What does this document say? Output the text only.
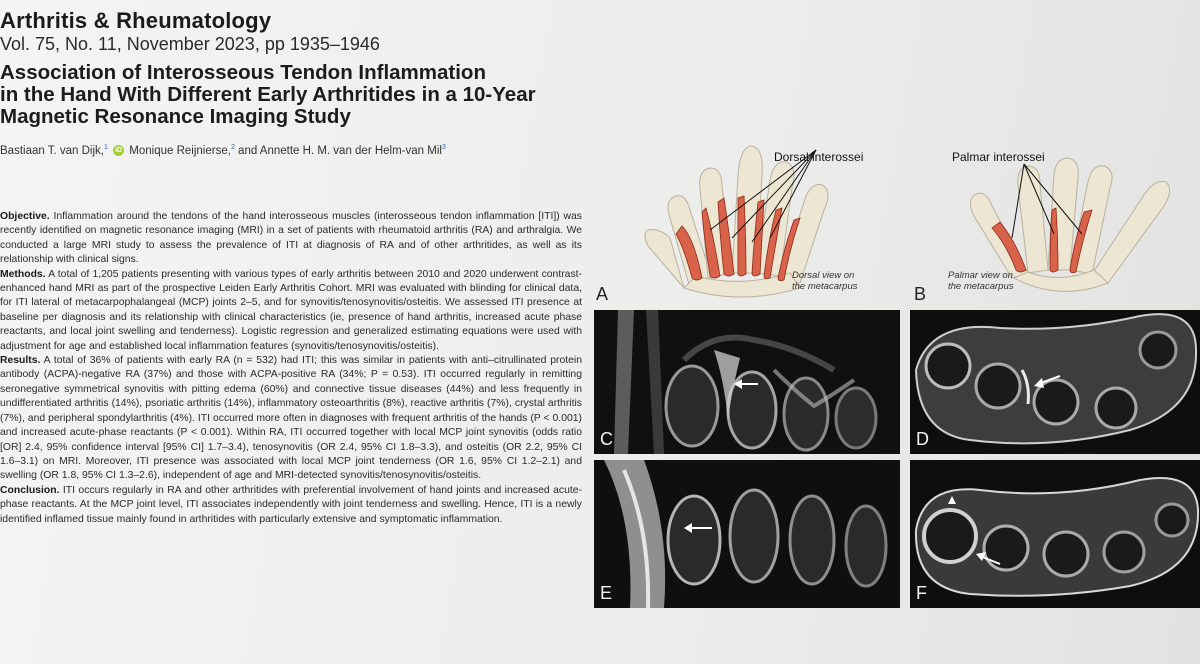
Arthritis & Rheumatology
Vol. 75, No. 11, November 2023, pp 1935–1946
Association of Interosseous Tendon Inflammation
in the Hand With Different Early Arthritides in a 10-Year
Magnetic Resonance Imaging Study
Bastiaan T. van Dijk,$^1$ iD Monique Reijnierse,$^2$ and Annette H. M. van der Helm-van Mil$^3$

Objective. Inflammation around the tendons of the hand interosseous muscles (interosseous tendon inflammation [ITI]) was recently identified on magnetic resonance imaging (MRI) in a set of patients with rheumatoid arthritis (RA) and arthralgia. We conducted a large MRI study to assess the prevalence of ITI at diagnosis of RA and of other arthritides, as well as its relationship with clinical signs.

Methods. A total of 1,205 patients presenting with various types of early arthritis between 2010 and 2020 underwent contrast-enhanced hand MRI as part of the prospective Leiden Early Arthritis Cohort. MRI was evaluated with blinding for clinical data, for ITI lateral of metacarpophalangeal (MCP) joints 2–5, and for synovitis/tenosynovitis/osteitis. We assessed ITI presence at baseline per diagnosis and its relationship with clinical characteristics (ie, presence of hand arthritis, increased acute phase reactants, and local joint swelling and tenderness). Logistic regression and generalized estimating equations were used with adjustment for age and established local inflammation features (synovitis/tenosynovitis/osteitis).

Results. A total of 36% of patients with early RA (n = 532) had ITI; this was similar in patients with anti–citrullinated protein antibody (ACPA)-negative RA (37%) and those with ACPA-positive RA (34%; P = 0.53). ITI occurred regularly in remitting seronegative symmetrical synovitis with pitting edema (60%) and connective tissue diseases (44%) and less frequently in undifferentiated arthritis (14%), psoriatic arthritis (14%), inflammatory osteoarthritis (8%), reactive arthritis (7%), crystal arthritis (7%), and peripheral spondylarthritis (4%). ITI occurred more often in diagnoses with frequent arthritis of the hands (P < 0.001) and increased acute-phase reactants (P < 0.001). Within RA, ITI occurred together with local MCP joint synovitis (odds ratio [OR] 2.4, 95% confidence interval [95% CI] 1.7–3.4), tenosynovitis (OR 2.4, 95% CI 1.8–3.3), and osteitis (OR 2.2, 95% CI 1.6–3.1) on MRI. Moreover, ITI presence was associated with local MCP joint tenderness (OR 1.6, 95% CI 1.2–2.1) and swelling (OR 1.8, 95% CI 1.3–2.6), independent of age and MRI-detected synovitis/tenosynovitis/osteitis.

Conclusion. ITI occurs regularly in RA and other arthritides with preferential involvement of hand joints and increased acute-phase reactants. At the MCP joint level, ITI associates independently with joint tenderness and swelling. Hence, ITI is a newly identified inflamed tissue mainly found in arthritides with particularly extensive and symptomatic inflammation.

Dorsal interossei
Dorsal view on
the metacarpus
A
Palmar interossei
Palmar view on
the metacarpus
B
C	D
E	F
